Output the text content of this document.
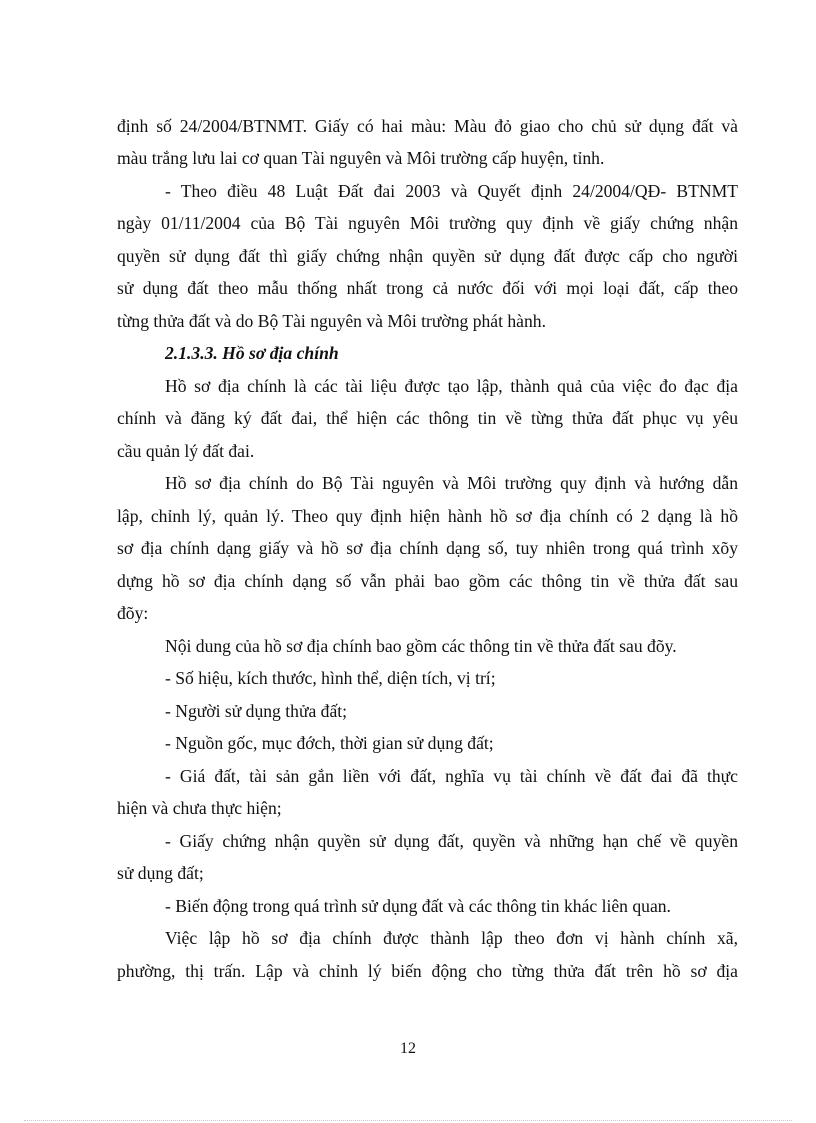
định số 24/2004/BTNMT. Giấy có hai màu: Màu đỏ giao cho chủ sử dụng đất và
màu trắng lưu lai cơ quan Tài nguyên và Môi trường cấp huyện, tỉnh.
- Theo điều 48 Luật Đất đai 2003 và Quyết định 24/2004/QĐ- BTNMT
ngày 01/11/2004 của Bộ Tài nguyên Môi trường quy định về giấy chứng nhận
quyền sử dụng đất thì giấy chứng nhận quyền sử dụng đất được cấp cho người
sử dụng đất theo mẫu thống nhất trong cả nước đối với mọi loại đất, cấp theo
từng thửa đất và do Bộ Tài nguyên và Môi trường phát hành.
2.1.3.3. Hồ sơ địa chính
Hồ sơ địa chính là các tài liệu được tạo lập, thành quả của việc đo đạc địa
chính và đăng ký đất đai, thể hiện các thông tin về từng thửa đất phục vụ yêu
cầu quản lý đất đai.
Hồ sơ địa chính do Bộ Tài nguyên và Môi trường quy định và hướng dẫn
lập, chỉnh lý, quản lý. Theo quy định hiện hành hồ sơ địa chính có 2 dạng là hồ
sơ địa chính dạng giấy và hồ sơ địa chính dạng số, tuy nhiên trong quá trình xõy
dựng hồ sơ địa chính dạng số vẫn phải bao gồm các thông tin về thửa đất sau
đõy:
Nội dung của hồ sơ địa chính bao gồm các thông tin về thửa đất sau đõy.
- Số hiệu, kích thước, hình thể, diện tích, vị trí;
- Người sử dụng thửa đất;
- Nguồn gốc, mục đớch, thời gian sử dụng đất;
- Giá đất, tài sản gắn liền với đất, nghĩa vụ tài chính về đất đai đã thực
hiện và chưa thực hiện;
- Giấy chứng nhận quyền sử dụng đất, quyền và những hạn chế về quyền
sử dụng đất;
- Biến động trong quá trình sử dụng đất và các thông tin khác liên quan.
Việc lập hồ sơ địa chính được thành lập theo đơn vị hành chính xã,
phường, thị trấn. Lập và chỉnh lý biến động cho từng thửa đất trên hồ sơ địa
12
